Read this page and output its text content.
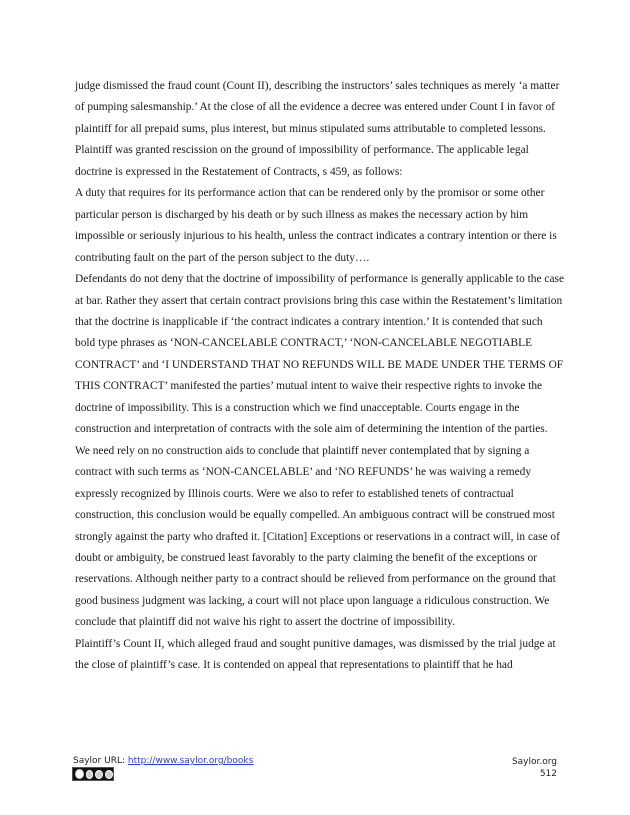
judge dismissed the fraud count (Count II), describing the instructors’ sales techniques as merely ‘a matter of pumping salesmanship.’ At the close of all the evidence a decree was entered under Count I in favor of plaintiff for all prepaid sums, plus interest, but minus stipulated sums attributable to completed lessons.

Plaintiff was granted rescission on the ground of impossibility of performance. The applicable legal doctrine is expressed in the Restatement of Contracts, s 459, as follows:

A duty that requires for its performance action that can be rendered only by the promisor or some other particular person is discharged by his death or by such illness as makes the necessary action by him impossible or seriously injurious to his health, unless the contract indicates a contrary intention or there is contributing fault on the part of the person subject to the duty….

Defendants do not deny that the doctrine of impossibility of performance is generally applicable to the case at bar. Rather they assert that certain contract provisions bring this case within the Restatement’s limitation that the doctrine is inapplicable if ‘the contract indicates a contrary intention.’ It is contended that such bold type phrases as ‘NON-CANCELABLE CONTRACT,’ ‘NON-CANCELABLE NEGOTIABLE CONTRACT’ and ‘I UNDERSTAND THAT NO REFUNDS WILL BE MADE UNDER THE TERMS OF THIS CONTRACT’ manifested the parties’ mutual intent to waive their respective rights to invoke the doctrine of impossibility. This is a construction which we find unacceptable. Courts engage in the construction and interpretation of contracts with the sole aim of determining the intention of the parties. We need rely on no construction aids to conclude that plaintiff never contemplated that by signing a contract with such terms as ‘NON-CANCELABLE’ and ‘NO REFUNDS’ he was waiving a remedy expressly recognized by Illinois courts. Were we also to refer to established tenets of contractual construction, this conclusion would be equally compelled. An ambiguous contract will be construed most strongly against the party who drafted it. [Citation] Exceptions or reservations in a contract will, in case of doubt or ambiguity, be construed least favorably to the party claiming the benefit of the exceptions or reservations. Although neither party to a contract should be relieved from performance on the ground that good business judgment was lacking, a court will not place upon language a ridiculous construction. We conclude that plaintiff did not waive his right to assert the doctrine of impossibility.

Plaintiff’s Count II, which alleged fraud and sought punitive damages, was dismissed by the trial judge at the close of plaintiff’s case. It is contended on appeal that representations to plaintiff that he had

Saylor URL: http://www.saylor.org/books	Saylor.org
512
